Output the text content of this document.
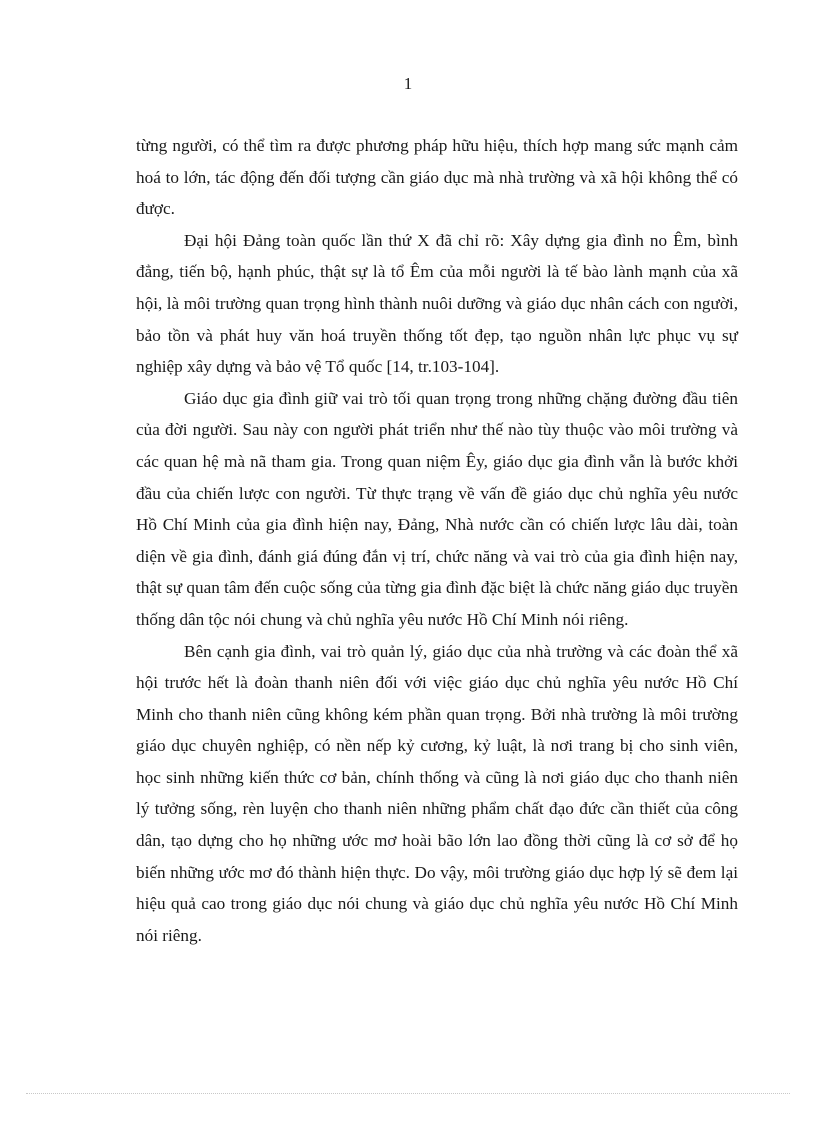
1

từng người, có thể tìm ra được phương pháp hữu hiệu, thích hợp mang sức mạnh cảm hoá to lớn, tác động đến đối tượng cần giáo dục mà nhà trường và xã hội không thể có được.

Đại hội Đảng toàn quốc lần thứ X đã chỉ rõ: Xây dựng gia đình no Êm, bình đẳng, tiến bộ, hạnh phúc, thật sự là tổ Êm của mỗi người là tế bào lành mạnh của xã hội, là môi trường quan trọng hình thành nuôi dưỡng và giáo dục nhân cách con người, bảo tồn và phát huy văn hoá truyền thống tốt đẹp, tạo nguồn nhân lực phục vụ sự nghiệp xây dựng và bảo vệ Tổ quốc [14, tr.103-104].

Giáo dục gia đình giữ vai trò tối quan trọng trong những chặng đường đầu tiên của đời người. Sau này con người phát triển như thế nào tùy thuộc vào môi trường và các quan hệ mà nã tham gia. Trong quan niệm Êy, giáo dục gia đình vẫn là bước khởi đầu của chiến lược con người. Từ thực trạng về vấn đề giáo dục chủ nghĩa yêu nước Hồ Chí Minh của gia đình hiện nay, Đảng, Nhà nước cần có chiến lược lâu dài, toàn diện về gia đình, đánh giá đúng đắn vị trí, chức năng và vai trò của gia đình hiện nay, thật sự quan tâm đến cuộc sống của từng gia đình đặc biệt là chức năng giáo dục truyền thống dân tộc nói chung và chủ nghĩa yêu nước Hồ Chí Minh nói riêng.

Bên cạnh gia đình, vai trò quản lý, giáo dục của nhà trường và các đoàn thể xã hội trước hết là đoàn thanh niên đối với việc giáo dục chủ nghĩa yêu nước Hồ Chí Minh cho thanh niên cũng không kém phần quan trọng. Bởi nhà trường là môi trường giáo dục chuyên nghiệp, có nền nếp kỷ cương, kỷ luật, là nơi trang bị cho sinh viên, học sinh những kiến thức cơ bản, chính thống và cũng là nơi giáo dục cho thanh niên lý tưởng sống, rèn luyện cho thanh niên những phẩm chất đạo đức cần thiết của công dân, tạo dựng cho họ những ước mơ hoài bão lớn lao đồng thời cũng là cơ sở để họ biến những ước mơ đó thành hiện thực. Do vậy, môi trường giáo dục hợp lý sẽ đem lại hiệu quả cao trong giáo dục nói chung và giáo dục chủ nghĩa yêu nước Hồ Chí Minh nói riêng.
